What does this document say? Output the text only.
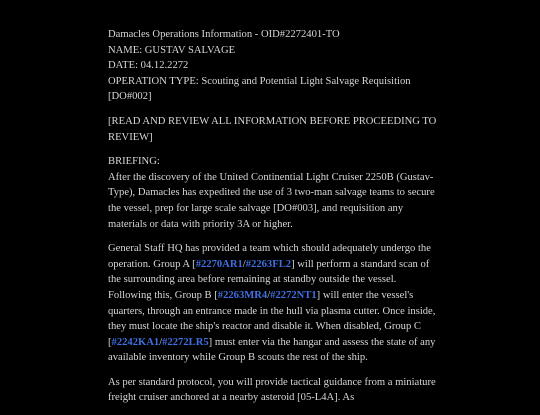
Damacles Operations Information - OID#2272401-TO
NAME: GUSTAV SALVAGE
DATE: 04.12.2272
OPERATION TYPE: Scouting and Potential Light Salvage Requisition [DO#002]

[READ AND REVIEW ALL INFORMATION BEFORE PROCEEDING TO REVIEW]

BRIEFING:
After the discovery of the United Continential Light Cruiser 2250B (Gustav-Type), Damacles has expedited the use of 3 two-man salvage teams to secure the vessel, prep for large scale salvage [DO#003], and requisition any materials or data with priority 3A or higher.

General Staff HQ has provided a team which should adequately undergo the operation. Group A [#2270AR1/#2263FL2] will perform a standard scan of the surrounding area before remaining at standby outside the vessel. Following this, Group B [#2263MR4/#2272NT1] will enter the vessel's quarters, through an entrance made in the hull via plasma cutter. Once inside, they must locate the ship's reactor and disable it. When disabled, Group C [#2242KA1/#2272LR5] must enter via the hangar and assess the state of any available inventory while Group B scouts the rest of the ship.

As per standard protocol, you will provide tactical guidance from a miniature freight cruiser anchored at a nearby asteroid [05-L4A]. As
